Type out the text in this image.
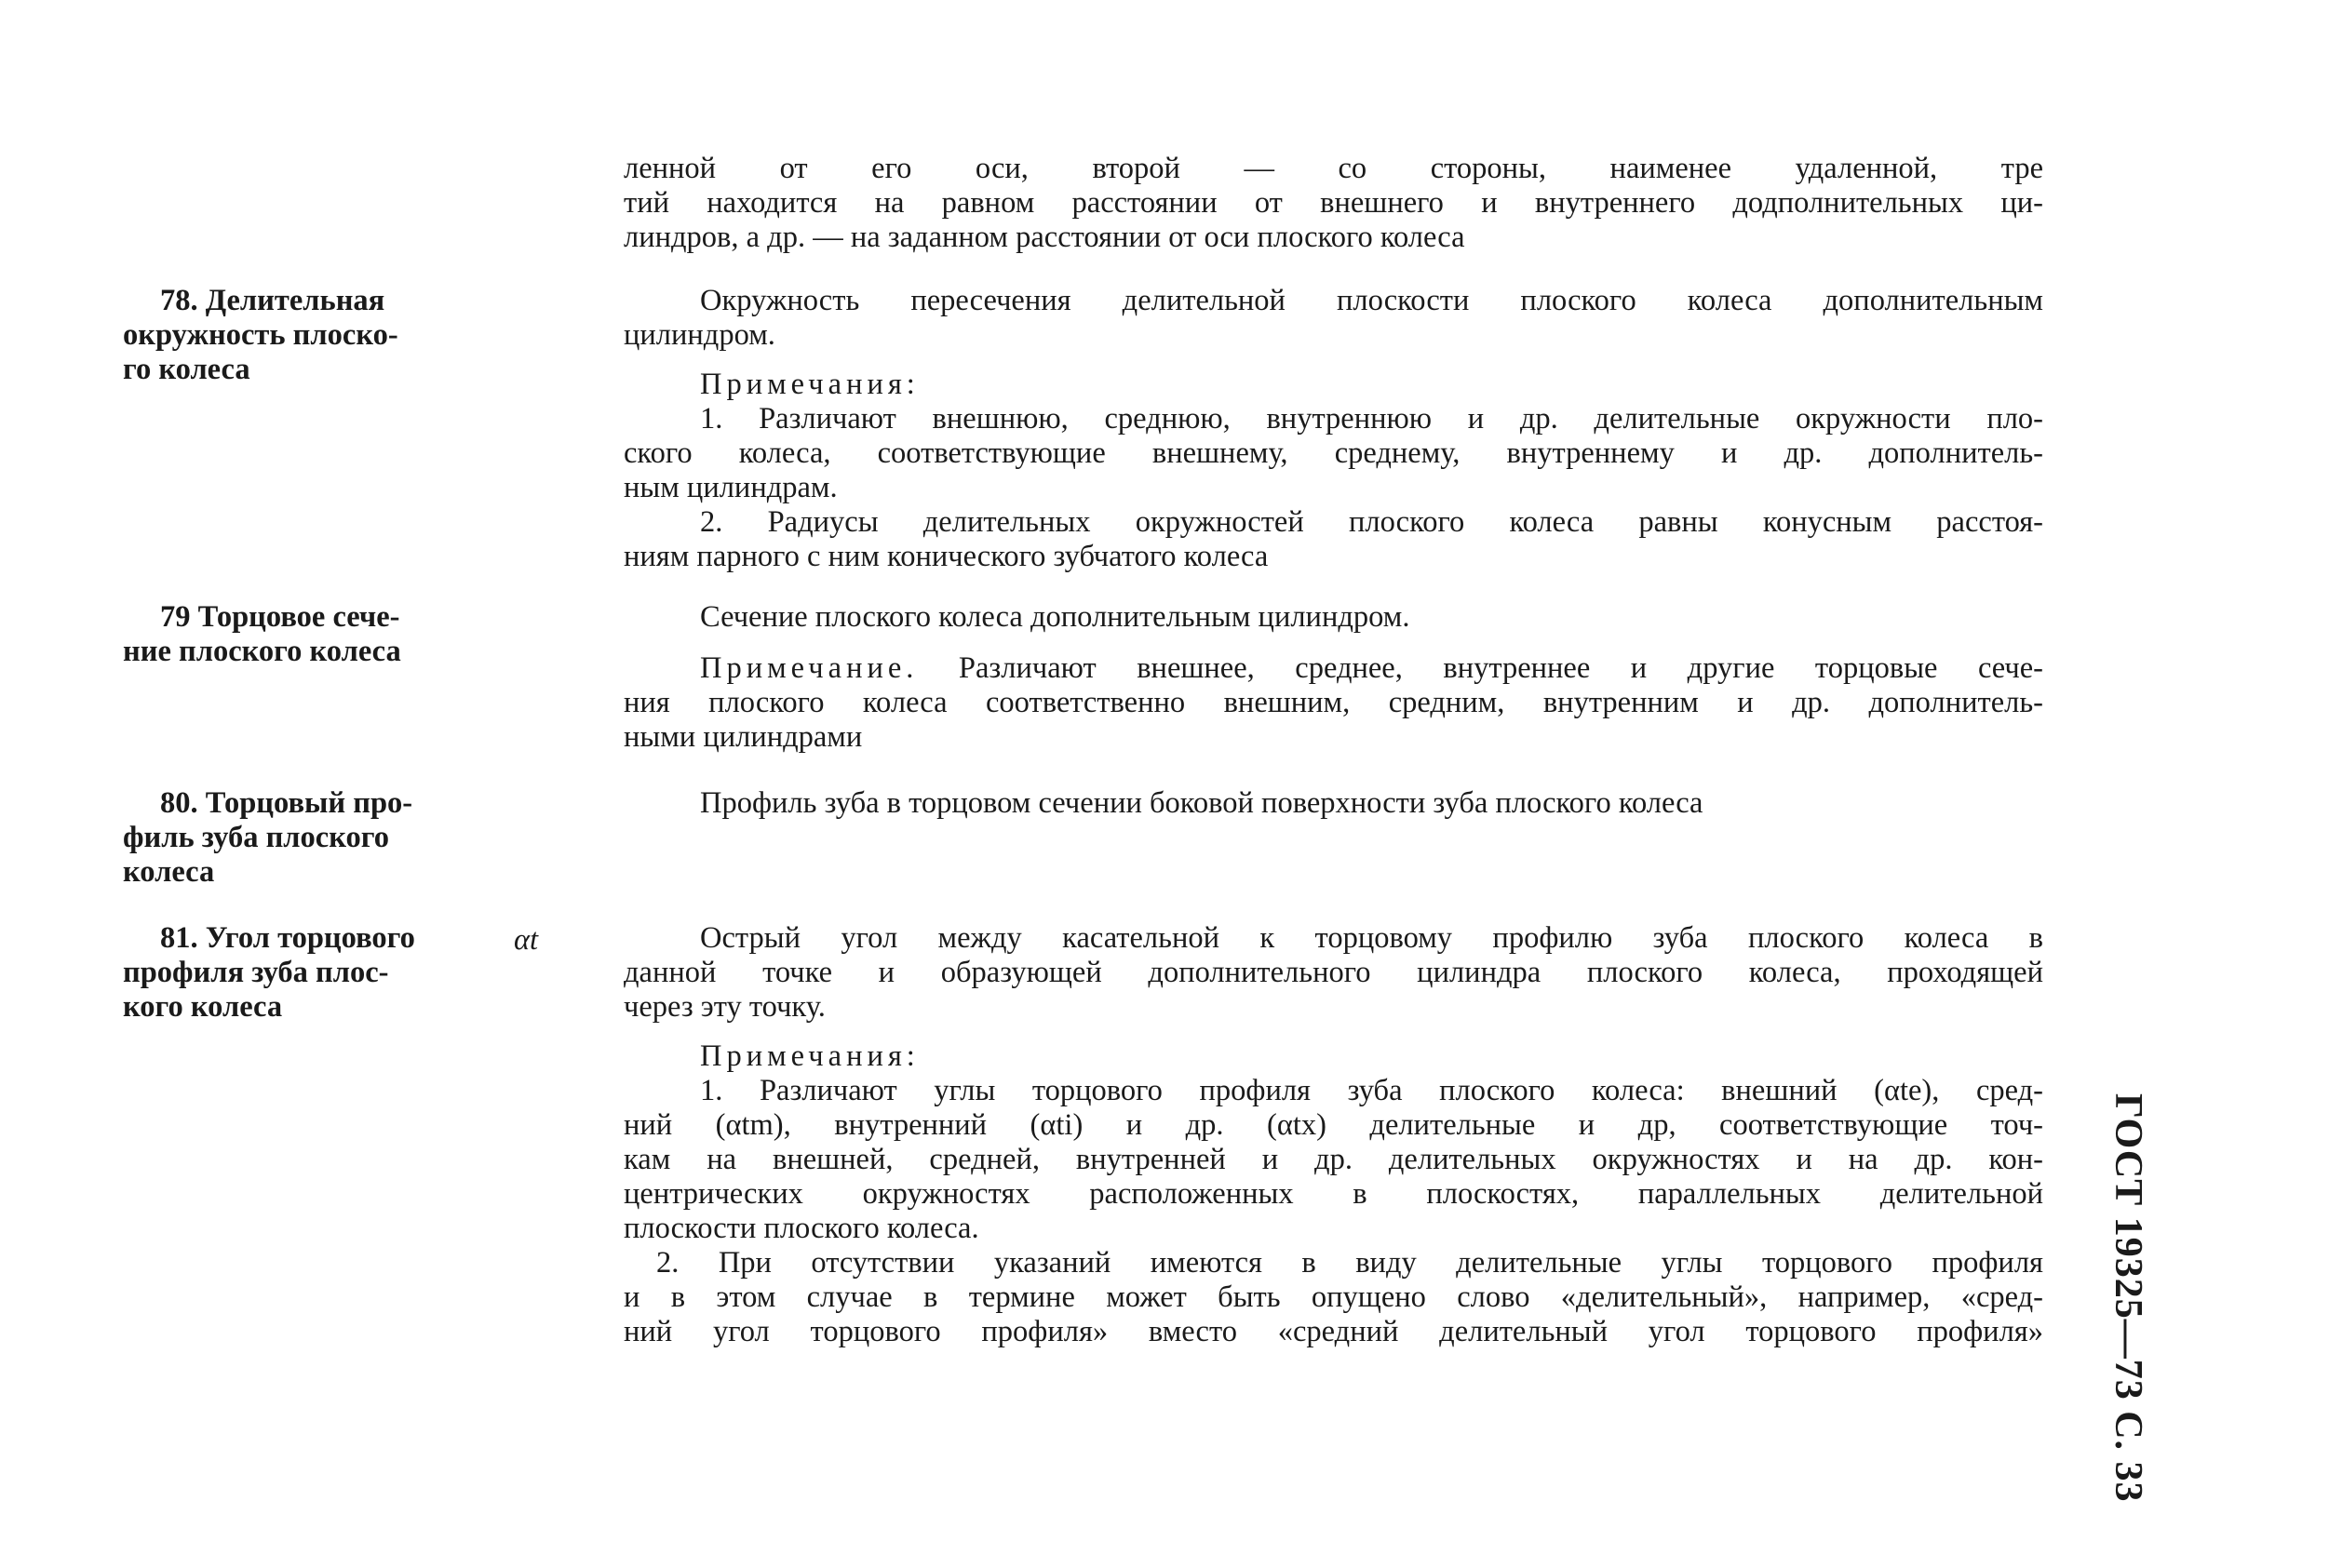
ленной от его оси, второй — со стороны, наименее удаленной, тре
тий находится на равном расстоянии от внешнего и внутреннего додполнительных ци-
линдров, а др. — на заданном расстоянии от оси плоского колеса
78. Делительная
окружность плоско-
го колеса
Окружность пересечения делительной плоскости плоского колеса дополнительным
цилиндром.
Примечания:
1. Различают внешнюю, среднюю, внутреннюю и др. делительные окружности пло-
ского колеса, соответствующие внешнему, среднему, внутреннему и др. дополнитель-
ным цилиндрам.
2. Радиусы делительных окружностей плоского колеса равны конусным расстоя-
ниям парного с ним конического зубчатого колеса
79 Торцовое сече-
ние плоского колеса
Сечение плоского колеса дополнительным цилиндром.
Примечание. Различают внешнее, среднее, внутреннее и другие торцовые сече-
ния плоского колеса соответственно внешним, средним, внутренним и др. дополнитель-
ными цилиндрами
80. Торцовый про-
филь зуба плоского
колеса
Профиль зуба в торцовом сечении боковой поверхности зуба плоского колеса
81. Угол торцового
профиля зуба плос-
кого колеса
αt	Острый угол между касательной к торцовому профилю зуба плоского колеса в
данной точке и образующей дополнительного цилиндра плоского колеса, проходящей
через эту точку.
Примечания:
1. Различают углы торцового профиля зуба плоского колеса: внешний (αte), сред-
ний (αtm), внутренний (αti) и др. (αtx) делительные и др, соответствующие точ-
кам на внешней, средней, внутренней и др. делительных окружностях и на др. кон-
центрических окружностях расположенных в плоскостях, параллельных делительной
плоскости плоского колеса.
2. При отсутствии указаний имеются в виду делительные углы торцового профиля
и в этом случае в термине может быть опущено слово «делительный», например, «сред-
ний угол торцового профиля» вместо «средний делительный угол торцового профиля» ГОСТ 19325—73 С. 33
